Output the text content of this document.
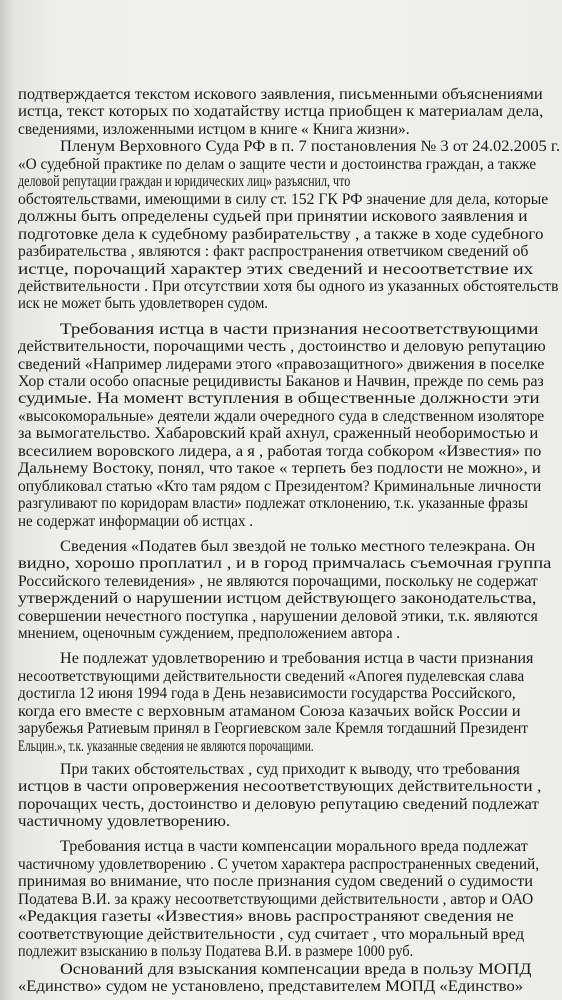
подтверждается текстом искового заявления, письменными объяснениями

истца, текст которых по ходатайству истца приобщен к материалам дела,

сведениями, изложенными истцом в книге « Книга жизни».

Пленум Верховного Суда РФ в п. 7 постановления № 3 от 24.02.2005 г.

«О судебной практике по делам о защите чести и достоинства граждан, а также

деловой репутации граждан и юридических лиц» разъяснил, что

обстоятельствами, имеющими в силу ст. 152 ГК РФ значение для дела, которые

должны быть определены судьей при принятии искового заявления и

подготовке дела к судебному разбирательству , а также в ходе судебного

разбирательства , являются : факт распространения ответчиком сведений об

истце, порочащий характер этих сведений и несоответствие их

действительности . При отсутствии хотя бы одного из указанных обстоятельств

иск не может быть удовлетворен судом.

Требования истца в части признания несоответствующими

действительности, порочащими честь , достоинство и деловую репутацию

сведений «Например лидерами этого «правозащитного» движения в поселке

Хор стали особо опасные рецидивисты Баканов и Начвин, прежде по семь раз

судимые. На момент вступления в общественные должности эти

«высокоморальные» деятели ждали очередного суда в следственном изоляторе

за вымогательство. Хабаровский край ахнул, сраженный необоримостью и

всесилием воровского лидера, а я , работая тогда собкором «Известия» по

Дальнему Востоку, понял, что такое « терпеть без подлости не можно», и

опубликовал статью «Кто там рядом с Президентом? Криминальные личности

разгуливают по коридорам власти» подлежат отклонению, т.к. указанные фразы

не содержат информации об истцах .

Сведения «Податев был звездой не только местного телеэкрана. Он

видно, хорошо проплатил , и в город примчалась съемочная группа

Российского телевидения» , не являются порочащими, поскольку не содержат

утверждений о нарушении истцом действующего законодательства,

совершении нечестного поступка , нарушении деловой этики, т.к. являются

мнением, оценочным суждением, предположением автора .

Не подлежат удовлетворению и требования истца в части признания

несоответствующими действительности сведений «Апогея пуделевская слава

достигла 12 июня 1994 года в День независимости государства Российского,

когда его вместе с верховным атаманом Союза казачьих войск России и

зарубежья Ратиевым принял в Георгиевском зале Кремля тогдашний Президент

Ельцин.», т.к. указанные сведения не являются порочащими.

При таких обстоятельствах , суд приходит к выводу, что требования

истцов в части опровержения несоответствующих действительности ,

порочащих честь, достоинство и деловую репутацию сведений подлежат

частичному удовлетворению.

Требования истца в части компенсации морального вреда подлежат

частичному удовлетворению . С учетом характера распространенных сведений,

принимая во внимание, что после признания судом сведений о судимости

Податева В.И. за кражу несоответствующими действительности , автор и ОАО

«Редакция газеты «Известия» вновь распространяют сведения не

соответствующие действительности , суд считает , что моральный вред

подлежит взысканию в пользу Податева В.И. в размере 1000 руб.

Оснований для взыскания компенсации вреда в пользу МОПД

«Единство» судом не установлено, представителем МОПД «Единство»
